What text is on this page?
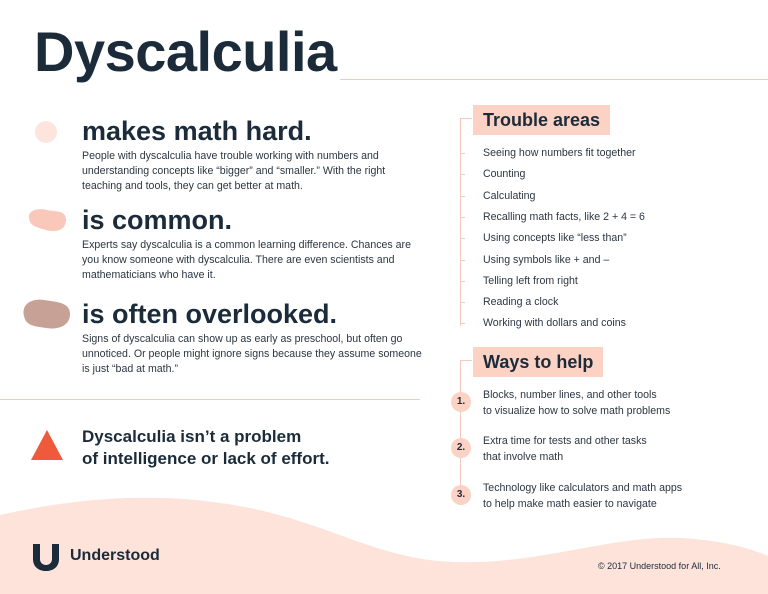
Dyscalculia
makes math hard.
People with dyscalculia have trouble working with numbers and understanding concepts like “bigger” and “smaller.” With the right teaching and tools, they can get better at math.
is common.
Experts say dyscalculia is a common learning difference. Chances are you know someone with dyscalculia. There are even scientists and mathematicians who have it.
is often overlooked.
Signs of dyscalculia can show up as early as preschool, but often go unnoticed. Or people might ignore signs because they assume someone is just “bad at math.”
Dyscalculia isn’t a problem
of intelligence or lack of effort.
Trouble areas
Seeing how numbers fit together
Counting
Calculating
Recalling math facts, like 2 + 4 = 6
Using concepts like “less than”
Using symbols like + and –
Telling left from right
Reading a clock
Working with dollars and coins
Ways to help
1.
Blocks, number lines, and other tools
to visualize how to solve math problems
2.
Extra time for tests and other tasks
that involve math
3.
Technology like calculators and math apps
to help make math easier to navigate
Understood
© 2017 Understood for All, Inc.
